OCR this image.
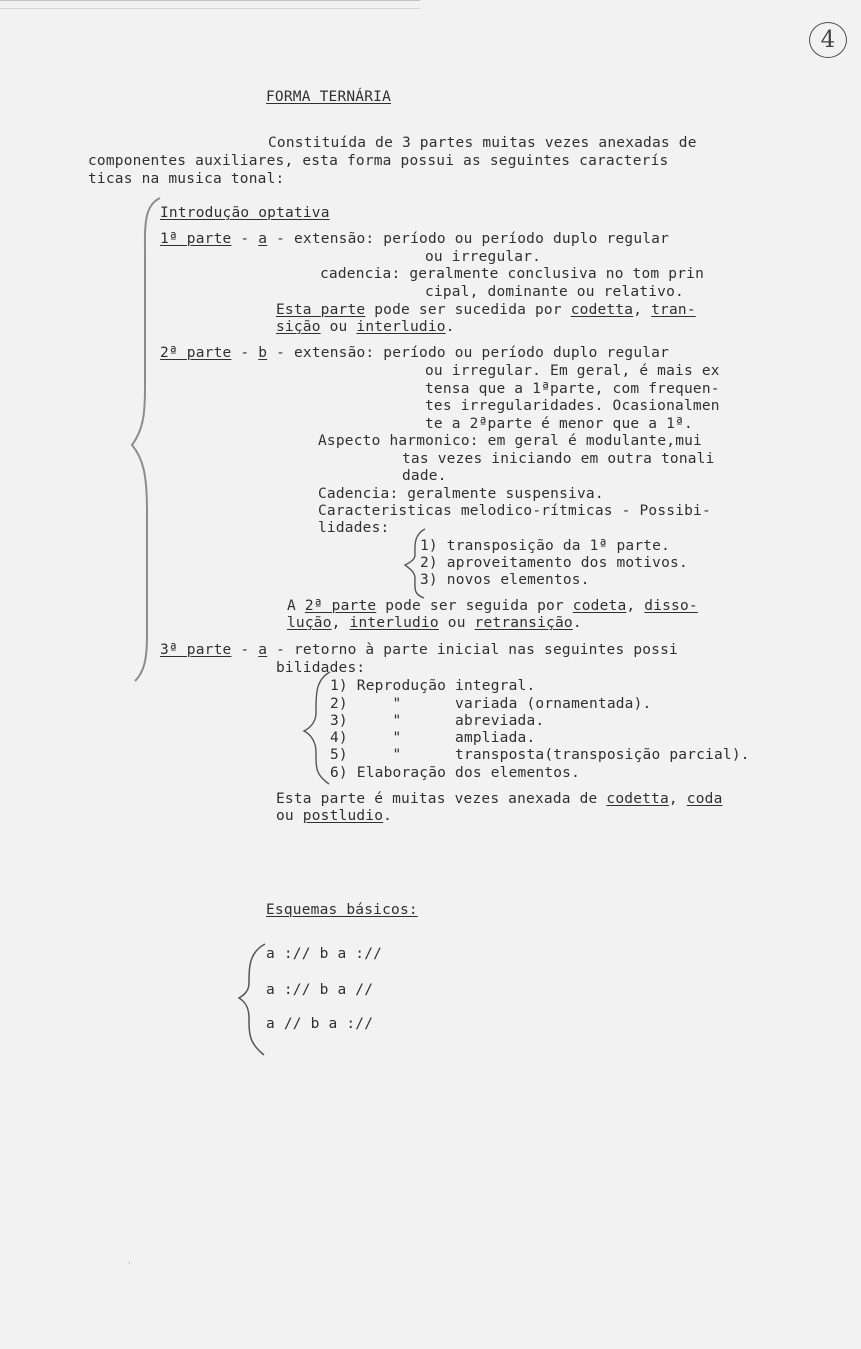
4
FORMA TERNÁRIA
Constituída de 3 partes muitas vezes anexadas de
componentes auxiliares, esta forma possui as seguintes caracterís
ticas na musica tonal:
Introdução optativa
1ª parte - a - extensão: período ou período duplo regular
ou irregular.
cadencia: geralmente conclusiva no tom prin
cipal, dominante ou relativo.
Esta parte pode ser sucedida por codetta, tran-
sição ou interludio.
2ª parte - b - extensão: período ou período duplo regular
ou irregular. Em geral, é mais ex
tensa que a 1ªparte, com frequen-
tes irregularidades. Ocasionalmen
te a 2ªparte é menor que a 1ª.
Aspecto harmonico: em geral é modulante,mui
tas vezes iniciando em outra tonali
dade.
Cadencia: geralmente suspensiva.
Caracteristicas melodico-rítmicas - Possibi-
lidades:
1) transposição da 1ª parte.
2) aproveitamento dos motivos.
3) novos elementos.
A 2ª parte pode ser seguida por codeta, disso-
lução, interludio ou retransição.
3ª parte - a - retorno à parte inicial nas seguintes possi
bilidades:
1) Reprodução integral.
2)     "      variada (ornamentada).
3)     "      abreviada.
4)     "      ampliada.
5)     "      transposta(transposição parcial).
6) Elaboração dos elementos.
Esta parte é muitas vezes anexada de codetta, coda
ou postludio.
Esquemas básicos:
a :// b a ://
a :// b a //
a // b a ://
˯
